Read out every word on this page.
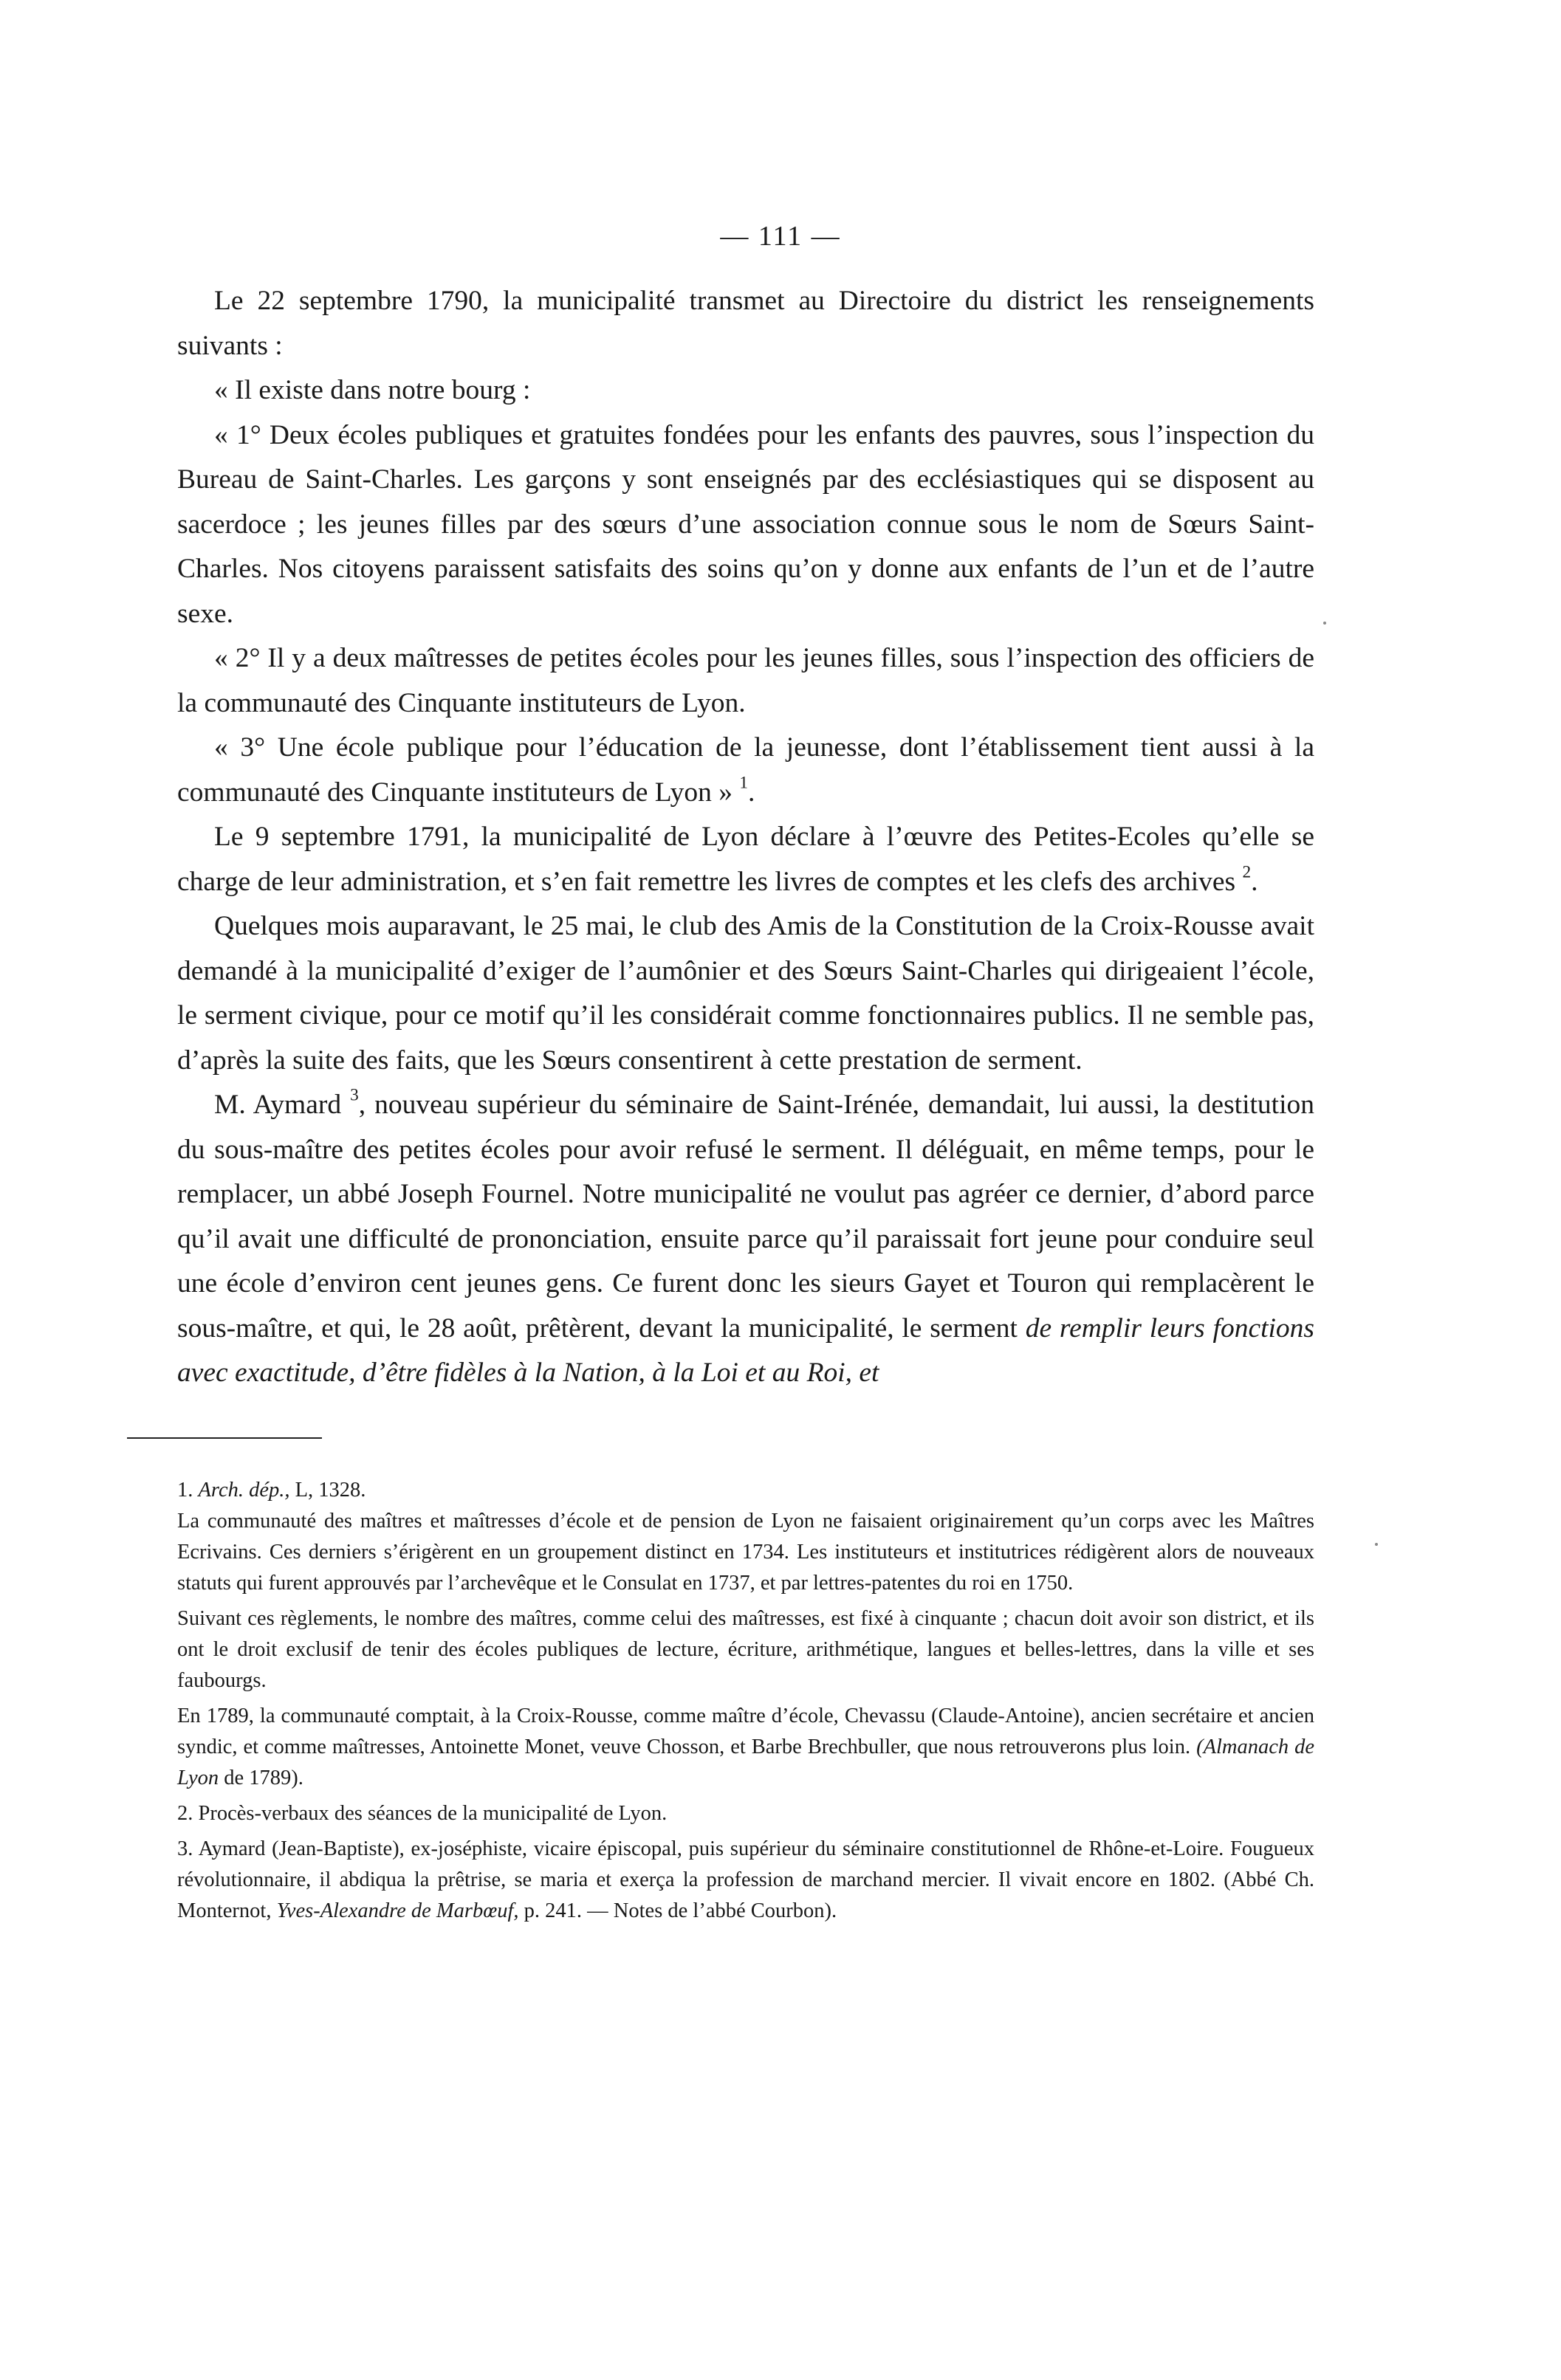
— 111 —

Le 22 septembre 1790, la municipalité transmet au Directoire du district les renseignements suivants :

« Il existe dans notre bourg :

« 1° Deux écoles publiques et gratuites fondées pour les enfants des pauvres, sous l’inspection du Bureau de Saint-Charles. Les garçons y sont enseignés par des ecclésiastiques qui se disposent au sacerdoce ; les jeunes filles par des sœurs d’une association connue sous le nom de Sœurs Saint-Charles. Nos citoyens paraissent satisfaits des soins qu’on y donne aux enfants de l’un et de l’autre sexe.

« 2° Il y a deux maîtresses de petites écoles pour les jeunes filles, sous l’inspection des officiers de la communauté des Cinquante instituteurs de Lyon.

« 3° Une école publique pour l’éducation de la jeunesse, dont l’établissement tient aussi à la communauté des Cinquante instituteurs de Lyon » $^1$.

Le 9 septembre 1791, la municipalité de Lyon déclare à l’œuvre des Petites-Ecoles qu’elle se charge de leur administration, et s’en fait remettre les livres de comptes et les clefs des archives $^2$.

Quelques mois auparavant, le 25 mai, le club des Amis de la Constitution de la Croix-Rousse avait demandé à la municipalité d’exiger de l’aumônier et des Sœurs Saint-Charles qui dirigeaient l’école, le serment civique, pour ce motif qu’il les considérait comme fonctionnaires publics. Il ne semble pas, d’après la suite des faits, que les Sœurs consentirent à cette prestation de serment.

M. Aymard $^3$, nouveau supérieur du séminaire de Saint-Irénée, demandait, lui aussi, la destitution du sous-maître des petites écoles pour avoir refusé le serment. Il déléguait, en même temps, pour le remplacer, un abbé Joseph Fournel. Notre municipalité ne voulut pas agréer ce dernier, d’abord parce qu’il avait une difficulté de prononciation, ensuite parce qu’il paraissait fort jeune pour conduire seul une école d’environ cent jeunes gens. Ce furent donc les sieurs Gayet et Touron qui remplacèrent le sous-maître, et qui, le 28 août, prêtèrent, devant la municipalité, le serment de remplir leurs fonctions avec exactitude, d’être fidèles à la Nation, à la Loi et au Roi, et

1. Arch. dép., L, 1328.

La communauté des maîtres et maîtresses d’école et de pension de Lyon ne faisaient originairement qu’un corps avec les Maîtres Ecrivains. Ces derniers s’érigèrent en un groupement distinct en 1734. Les instituteurs et institutrices rédigèrent alors de nouveaux statuts qui furent approuvés par l’archevêque et le Consulat en 1737, et par lettres-patentes du roi en 1750.

Suivant ces règlements, le nombre des maîtres, comme celui des maîtresses, est fixé à cinquante ; chacun doit avoir son district, et ils ont le droit exclusif de tenir des écoles publiques de lecture, écriture, arithmétique, langues et belles-lettres, dans la ville et ses faubourgs.

En 1789, la communauté comptait, à la Croix-Rousse, comme maître d’école, Chevassu (Claude-Antoine), ancien secrétaire et ancien syndic, et comme maîtresses, Antoinette Monet, veuve Chosson, et Barbe Brechbuller, que nous retrouverons plus loin. (Almanach de Lyon de 1789).

2. Procès-verbaux des séances de la municipalité de Lyon.

3. Aymard (Jean-Baptiste), ex-joséphiste, vicaire épiscopal, puis supérieur du séminaire constitutionnel de Rhône-et-Loire. Fougueux révolutionnaire, il abdiqua la prêtrise, se maria et exerça la profession de marchand mercier. Il vivait encore en 1802. (Abbé Ch. Monternot, Yves-Alexandre de Marbœuf, p. 241. — Notes de l’abbé Courbon).
